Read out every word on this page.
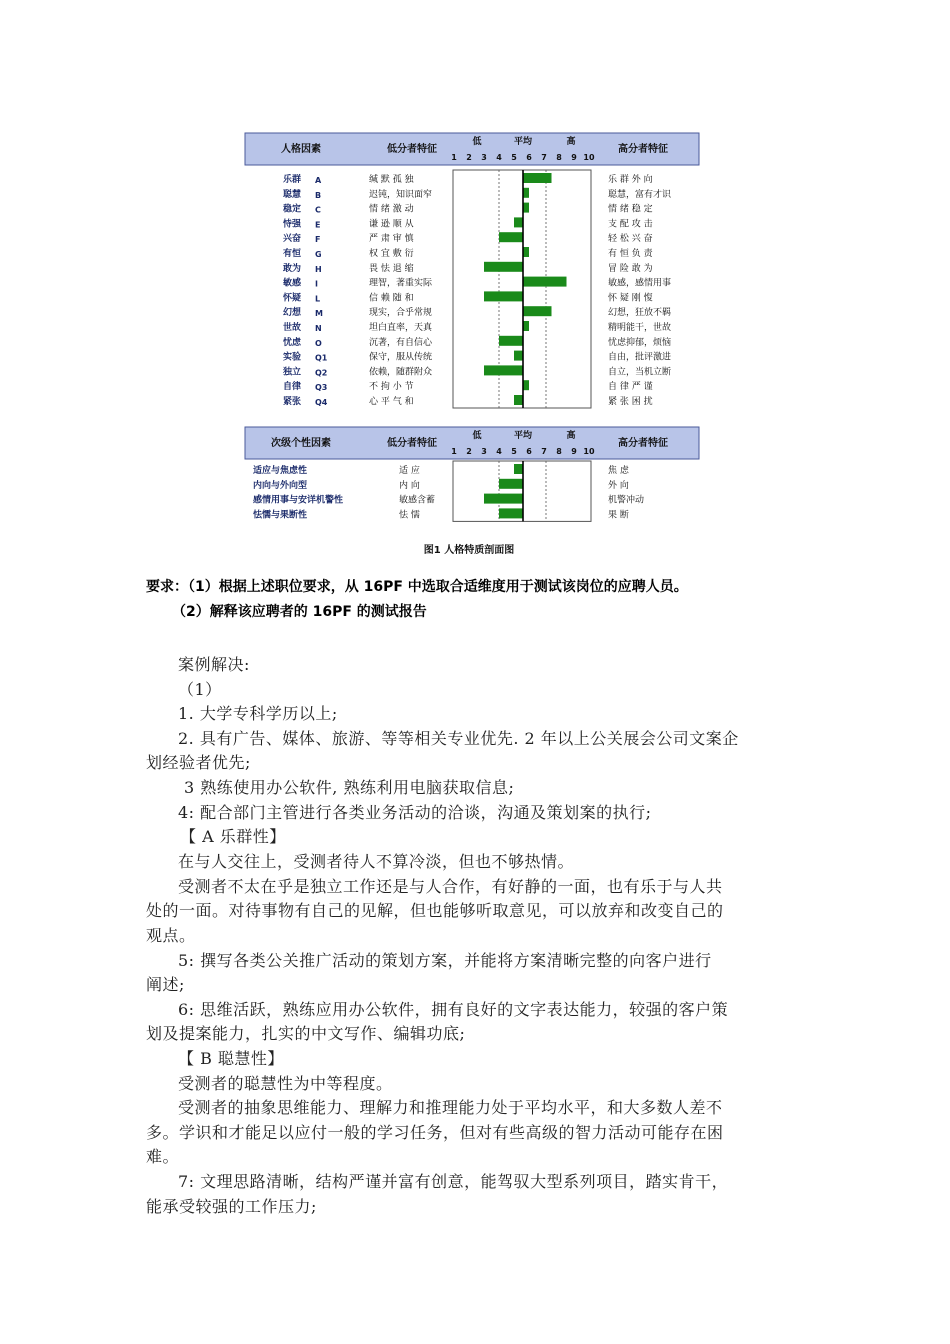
人格因素	低分者特征	高分者特征
低	平均	高
1 2 3 4 5 6 7 8 9 10
乐群 A	缄 默 孤 独	乐 群 外 向
聪慧 B	迟钝，知识面窄	聪慧，富有才识
稳定 C	情 绪 激 动	情 绪 稳 定
恃强 E	谦 逊 顺 从	支 配 攻 击
兴奋 F	严 肃 审 慎	轻 松 兴 奋
有恒 G	权 宜 敷 衍	有 恒 负 责
敢为 H	畏 怯 退 缩	冒 险 敢 为
敏感 I	理智，著重实际	敏感，感情用事
怀疑 L	信 赖 随 和	怀 疑 刚 愎
幻想 M	现实，合乎常规	幻想，狂放不羁
世故 N	坦白直率，天真	精明能干，世故
忧虑 O	沉著，有自信心	忧虑抑郁，烦恼
实验 Q1	保守，服从传统	自由，批评激进
独立 Q2	依赖，随群附众	自立，当机立断
自律 Q3	不 拘 小 节	自 律 严 谨
紧张 Q4	心 平 气 和	紧 张 困 扰
次级个性因素	低分者特征	高分者特征
低	平均	高
1 2 3 4 5 6 7 8 9 10
适应与焦虑性	适 应	焦 虑
内向与外向型	内 向	外 向
感情用事与安详机警性	敏感含蓄	机警冲动
怯懦与果断性	怯 懦	果 断
图1 人格特质剖面图
要求：（1）根据上述职位要求，从 16PF 中选取合适维度用于测试该岗位的应聘人员。
（2）解释该应聘者的 16PF 的测试报告
案例解决:
（1）
1. 大学专科学历以上;
2. 具有广告、媒体、旅游、等等相关专业优先. 2 年以上公关展会公司文案企
划经验者优先;
3 熟练使用办公软件, 熟练利用电脑获取信息;
4: 配合部门主管进行各类业务活动的洽谈，沟通及策划案的执行;
【 A 乐群性】
在与人交往上，受测者待人不算冷淡，但也不够热情。
受测者不太在乎是独立工作还是与人合作，有好静的一面，也有乐于与人共
处的一面。对待事物有自己的见解，但也能够听取意见，可以放弃和改变自己的
观点。
5: 撰写各类公关推广活动的策划方案，并能将方案清晰完整的向客户进行
阐述;
6: 思维活跃，熟练应用办公软件，拥有良好的文字表达能力，较强的客户策
划及提案能力，扎实的中文写作、编辑功底;
【 B 聪慧性】
受测者的聪慧性为中等程度。
受测者的抽象思维能力、理解力和推理能力处于平均水平，和大多数人差不
多。学识和才能足以应付一般的学习任务，但对有些高级的智力活动可能存在困
难。
7: 文理思路清晰，结构严谨并富有创意，能驾驭大型系列项目，踏实肯干，
能承受较强的工作压力;
